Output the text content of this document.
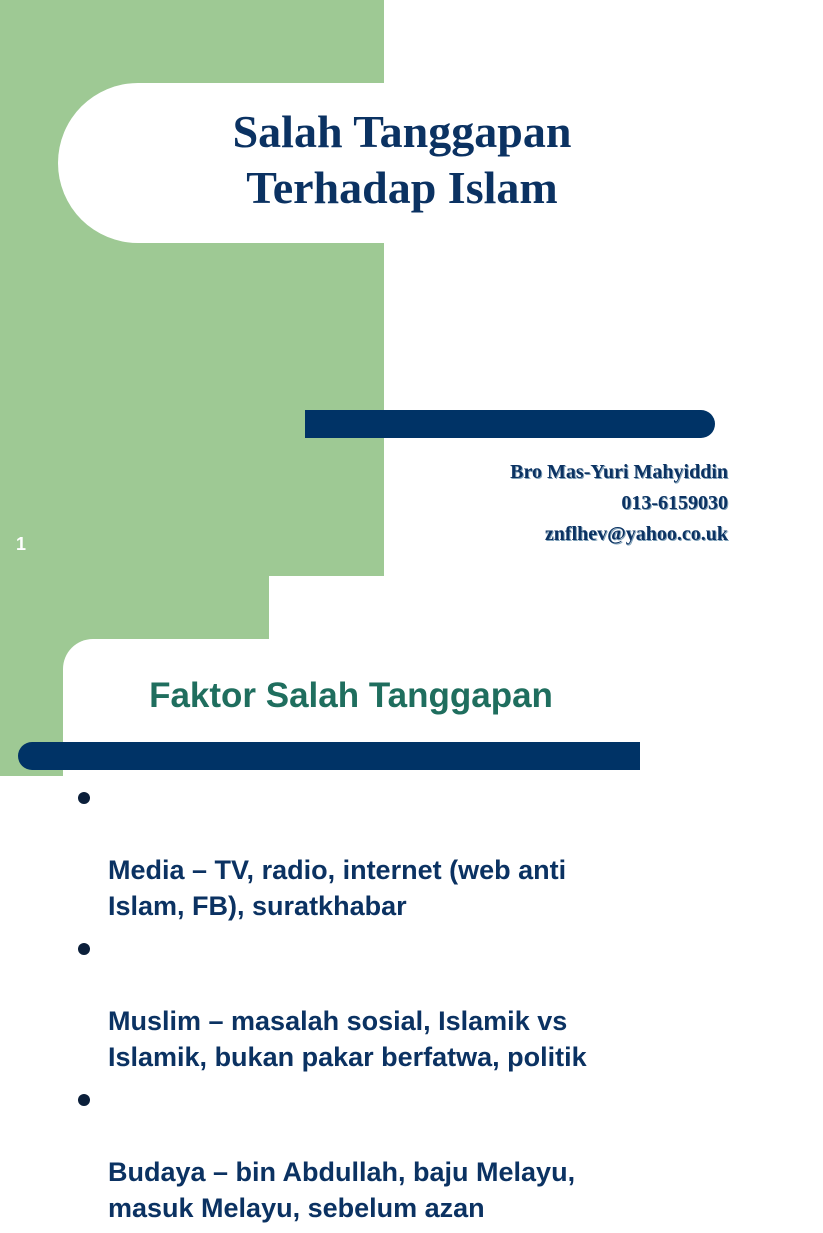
Salah Tanggapan
Terhadap Islam
Bro Mas-Yuri Mahyiddin
013-6159030
znflhev@yahoo.co.uk
1
Faktor Salah Tanggapan

Media – TV, radio, internet (web anti
Islam, FB), suratkhabar

Muslim – masalah sosial, Islamik vs
Islamik, bukan pakar berfatwa, politik

Budaya – bin Abdullah, baju Melayu,
masuk Melayu, sebelum azan
